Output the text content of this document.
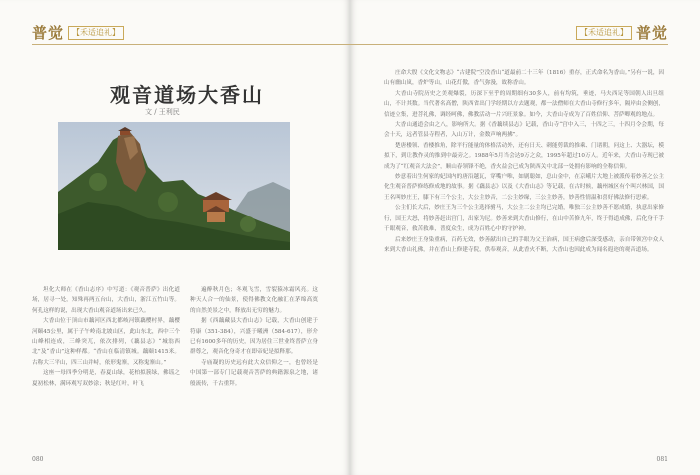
普觉	【禾适追礼】
观音道场大香山
文 / 王利民

坦化大师在《香山志序》中写道：《观音普萨》出化道场，居寻一处，知殊再两五台山，大香山，浙江五竹山等。何孔这样的说，出现大香山观音道场出来已久。

大香山位于顶山市藕河区西北都岐河镇藕樱村界，藕樱河颐45公里，属于子午岭南北坡山区，此山东北，西中三个山峰相连成，三峰突兀，依次排列，《藕县志》“城翁西北”及“香山”这种样都。“香山在临清镇城。藕颐1415米。古称大三平山，四三山并峙，依形鬼寨，又称鬼寨山。”

这座一母四季分明是，春夏山绿，花柏拟簇绿，佛谣之夏初松林，满环观写双妙涂；秋是红叶，叶飞

遍醉秋月色；冬观飞雪，雪裂猿冰霜风亮。这种天人合一的仙景，使得佛教文化融汇在茅绵高寞的自然美景之中，释放出无穷的魅力。

据《西藕藏县大香山志》记载，大香山创建于符康（351-384），兴盛于曦洲（584-617），形介已有1600多年的历史，因为居住三世业终普萨立身群尊之，观音化身奇才在即帝妃是拟释那。

寺庙凝的历史远有此大众信仰之一，也曾经是中国第一部专门记载观音菩萨的典籍源泉之地，诸般流传，千古重拜。

080
【禾适追礼】 普觉

庄命大殷《文化文物志》“古建院”空没香山“道最前二十三年（1816）重存，正式命名为香山。”另有一说，因山有幽山岚，香炉等山，山花灯傲，香气弥漫，故称香山。

大香山寺院历史之美观爆裂，历深下至乎的周期细有30多人，前有均筑，垂迹，马夫西足等国朝人出旦组山，不计其数。当代著名高僧，陕西省出门学经期以方去题观，都一法僧师在大香山寺修行多年，隔岸由会侧创，信迹立集，进菩礼佛，调经呵佛，佛教活动一片兴旺景象。如今，大香山寺成为了百姓信仰、菩萨唧观的地点。

大香山通道会由之八，影响所大。据《香藕续县志》记载，香山寺“宫中入三，十四之三，十四月令会期，每会十天，远者管县寺程者，入山万计，金数声响两拂”。

楚唐楼领、香楼推角，除平行能量的体格活动外，还有日天、刺能剪裁的推乘、门诸朝，问这上、大器坛，模拟下，到让教作灵的推到中最旁之。1988年5月当会达9万之众，1995年超过10万人。近年来，大香山寺现已被成为了“红观音大法会”，顺山春领锋不绝，香火益会已成为陕西关中北部一处拥有影响的全称信仰。

妙意着出生何家的妃国内的唐沿越瓦，穿嘴户唯，如剧聪如，总山金中，在京峨片大地上被派传着妙善之公主化生观音普萨修练修成地的故事。据《藕县志》以及《大香山志》等记载，在古时候，藕州城区有个叫兴林国，国王名叫妙庄王，膝下有三个公主，大公主妙音，二公主妙缘，三公主妙善，妙善性情温和喜好佛法修行思索。

公主们长大后，妙庄王为三个公主选择驸马，大公主二公主均已完婚，唯独三公主妙善不愿成婚，执意出家修行，国王大怒，将妙善赶出宫门，出家为尼。妙善来到大香山修行，在山中苦修九年，终于得道成佛，后化身千手千眼观音，救苦救难，普度众生，成为百姓心中的守护神。

后来妙庄王身染重病，百药无效，妙善献出自己的手眼为父王治病，国王病愈后深受感动，亲自带领宫中众人来到大香山礼佛，并在香山上修建寺院，供奉观音，从此香火不断，大香山也因此成为闻名遐迩的观音道场。

081
